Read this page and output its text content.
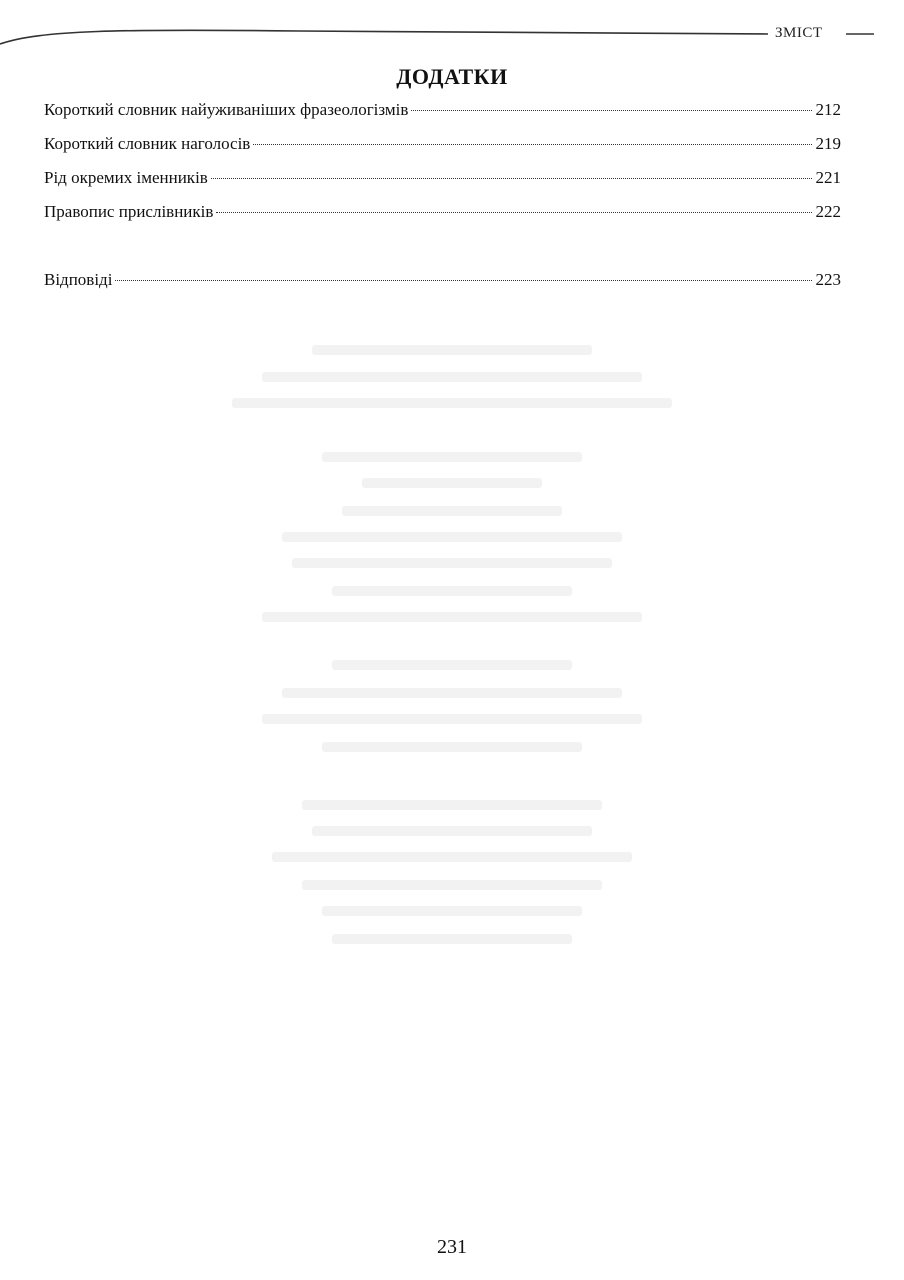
ЗМІСТ
ДОДАТКИ
Короткий словник найуживаніших фразеологізмів	212
Короткий словник наголосів	219
Рід окремих іменників	221
Правопис прислівників	222
Відповіді	223
231
